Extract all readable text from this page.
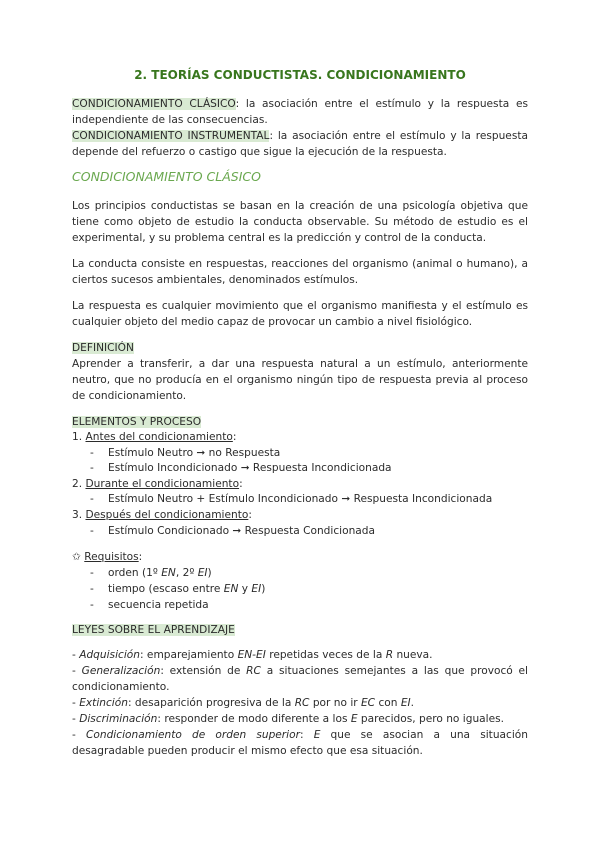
2. TEORÍAS CONDUCTISTAS. CONDICIONAMIENTO

CONDICIONAMIENTO CLÁSICO: la asociación entre el estímulo y la respuesta es independiente de las consecuencias.

CONDICIONAMIENTO INSTRUMENTAL: la asociación entre el estímulo y la respuesta depende del refuerzo o castigo que sigue la ejecución de la respuesta.

CONDICIONAMIENTO CLÁSICO

Los principios conductistas se basan en la creación de una psicología objetiva que tiene como objeto de estudio la conducta observable. Su método de estudio es el experimental, y su problema central es la predicción y control de la conducta.

La conducta consiste en respuestas, reacciones del organismo (animal o humano), a ciertos sucesos ambientales, denominados estímulos.

La respuesta es cualquier movimiento que el organismo manifiesta y el estímulo es cualquier objeto del medio capaz de provocar un cambio a nivel fisiológico.

DEFINICIÓN

Aprender a transferir, a dar una respuesta natural a un estímulo, anteriormente neutro, que no producía en el organismo ningún tipo de respuesta previa al proceso de condicionamiento.

ELEMENTOS Y PROCESO
1. Antes del condicionamiento:
- Estímulo Neutro ➞ no Respuesta
- Estímulo Incondicionado ➞ Respuesta Incondicionada
2. Durante el condicionamiento:
- Estímulo Neutro + Estímulo Incondicionado ➞ Respuesta Incondicionada
3. Después del condicionamiento:
- Estímulo Condicionado ➞ Respuesta Condicionada
✩ Requisitos:
- orden (1º EN, 2º EI)
- tiempo (escaso entre EN y EI)
- secuencia repetida
LEYES SOBRE EL APRENDIZAJE

- Adquisición: emparejamiento EN-EI repetidas veces de la R nueva.

- Generalización: extensión de RC a situaciones semejantes a las que provocó el condicionamiento.

- Extinción: desaparición progresiva de la RC por no ir EC con EI.

- Discriminación: responder de modo diferente a los E parecidos, pero no iguales.

- Condicionamiento de orden superior: E que se asocian a una situación desagradable pueden producir el mismo efecto que esa situación.
